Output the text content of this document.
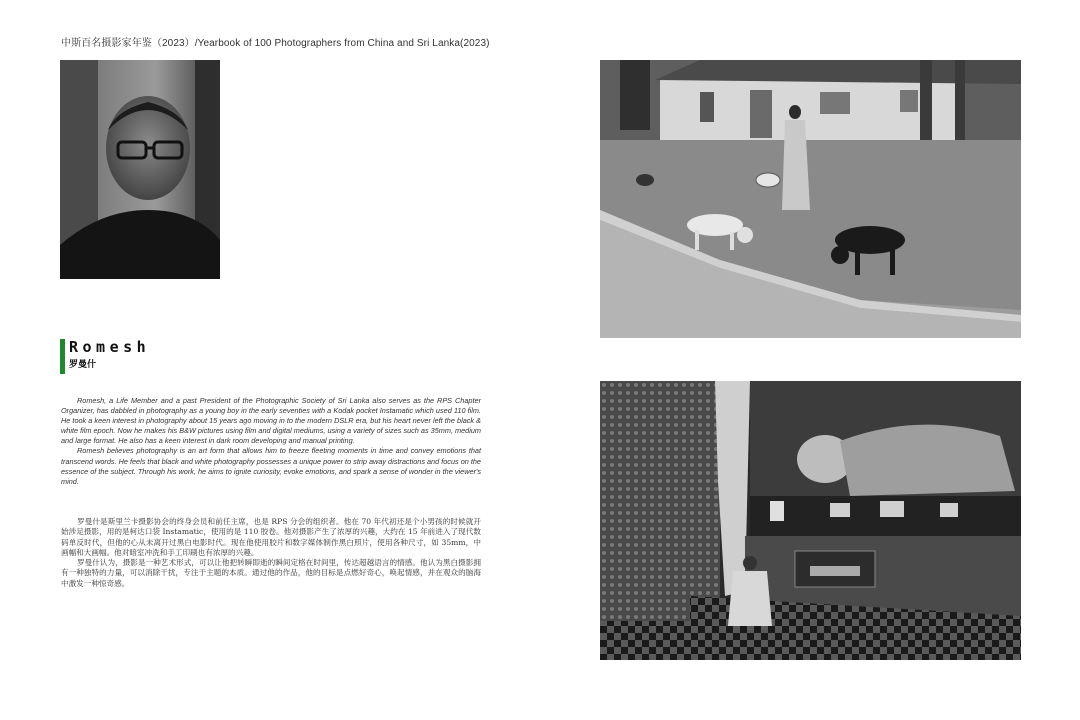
中斯百名摄影家年鉴（2023）/Yearbook of 100 Photographers from China and Sri Lanka(2023)
Romesh
罗曼什

Romesh, a Life Member and a past President of the Photographic Society of Sri Lanka also serves as the RPS Chapter Organizer, has dabbled in photography as a young boy in the early seventies with a Kodak pocket Instamatic which used 110 film. He took a keen interest in photography about 15 years ago moving in to the modern DSLR era, but his heart never left the black & white film epoch. Now he makes his B&W pictures using film and digital mediums, using a variety of sizes such as 35mm, medium and large format. He also has a keen interest in dark room developing and manual printing.

Romesh believes photography is an art form that allows him to freeze fleeting moments in time and convey emotions that transcend words. He feels that black and white photography possesses a unique power to strip away distractions and focus on the essence of the subject. Through his work, he aims to ignite curiosity, evoke emotions, and spark a sense of wonder in the viewer's mind.

罗曼什是斯里兰卡摄影协会的终身会员和前任主席，也是 RPS 分会的组织者。他在 70 年代初还是个小男孩的时候就开始涉足摄影，用的是柯达口袋 Instamatic，使用的是 110 胶卷。他对摄影产生了浓厚的兴趣，大约在 15 年前进入了现代数码单反时代，但他的心从未离开过黑白电影时代。现在他使用胶片和数字媒体制作黑白照片，使用各种尺寸，如 35mm，中画幅和大画幅。他对暗室冲洗和手工印刷也有浓厚的兴趣。

罗曼什认为，摄影是一种艺术形式，可以让他把转瞬即逝的瞬间定格在时间里，传达超越语言的情感。他认为黑白摄影拥有一种独特的力量，可以消除干扰，专注于主题的本质。通过他的作品，他的目标是点燃好奇心，唤起情感，并在观众的脑海中激发一种惊奇感。
